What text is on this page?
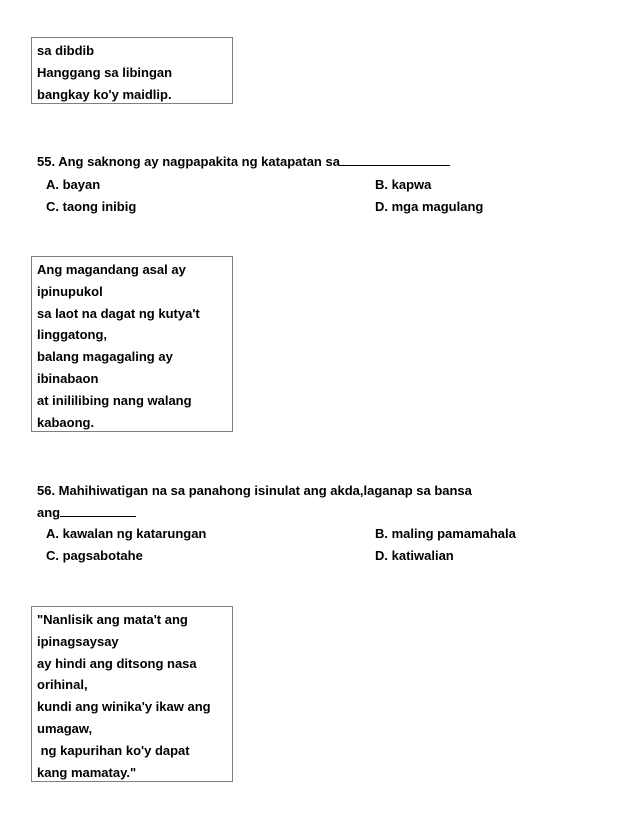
sa dibdib
Hanggang sa libingan
bangkay ko'y maidlip.
55. Ang saknong ay nagpapakita ng katapatan sa
A. bayan	B. kapwa
C. taong inibig	D. mga magulang
Ang magandang asal ay
ipinupukol
sa laot na dagat ng kutya't
linggatong,
balang magagaling ay
ibinabaon
at inililibing nang walang
kabaong.
56. Mahihiwatigan na sa panahong isinulat ang akda,laganap sa bansa
ang
A. kawalan ng katarungan	B. maling pamamahala
C. pagsabotahe	D. katiwalian
"Nanlisik ang mata't ang
ipinagsaysay
ay hindi ang ditsong nasa
orihinal,
kundi ang winika'y ikaw ang
umagaw,
ng kapurihan ko'y dapat
kang mamatay."
